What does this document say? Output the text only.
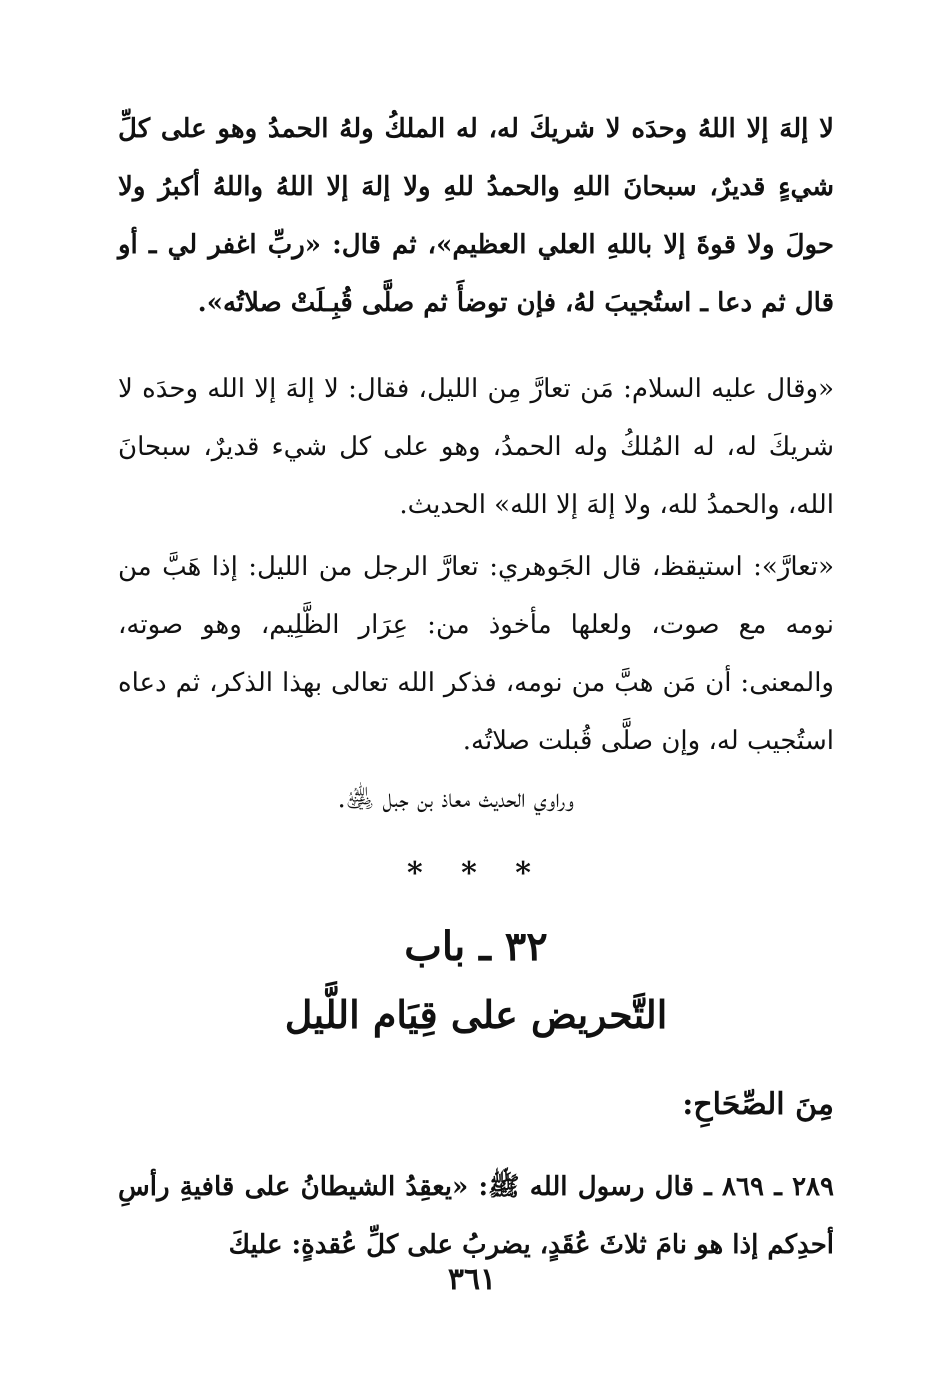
لا إلهَ إلا اللهُ وحدَه لا شريكَ له، له الملكُ ولهُ الحمدُ وهو على كلِّ شيءٍ قديرٌ، سبحانَ اللهِ والحمدُ للهِ ولا إلهَ إلا اللهُ واللهُ أكبرُ ولا حولَ ولا قوةَ إلا باللهِ العلي العظيم»، ثم قال: «ربِّ اغفر لي ـ أو قال ثم دعا ـ استُجيبَ لهُ، فإن توضأَ ثم صلَّى قُبِـلَتْ صلاتُه».

«وقال عليه السلام: مَن تعارَّ مِن الليل، فقال: لا إلهَ إلا الله وحدَه لا شريكَ له، له المُلكُ وله الحمدُ، وهو على كل شيء قديرٌ، سبحانَ الله، والحمدُ لله، ولا إلهَ إلا الله» الحديث.

«تعارَّ»: استيقظ، قال الجَوهري: تعارَّ الرجل من الليل: إذا هَبَّ من نومه مع صوت، ولعلها مأخوذ من: عِرَار الظَّلِيم، وهو صوته، والمعنى: أن مَن هبَّ من نومه، فذكر الله تعالى بهذا الذكر، ثم دعاه استُجيب له، وإن صلَّى قُبلت صلاتُه.

وراوي الحديث معاذ بن جبل ﵁.

* * *
٣٢ ـ باب
التَّحريض على قِيَام اللَّيل
مِنَ الصِّحَاحِ:

٢٨٩ ـ ٨٦٩ ـ قال رسول الله ﷺ: «يعقِدُ الشيطانُ على قافيةِ رأسِ أحدِكم إذا هو نامَ ثلاثَ عُقَدٍ، يضربُ على كلِّ عُقدةٍ: عليكَ

٣٦١
